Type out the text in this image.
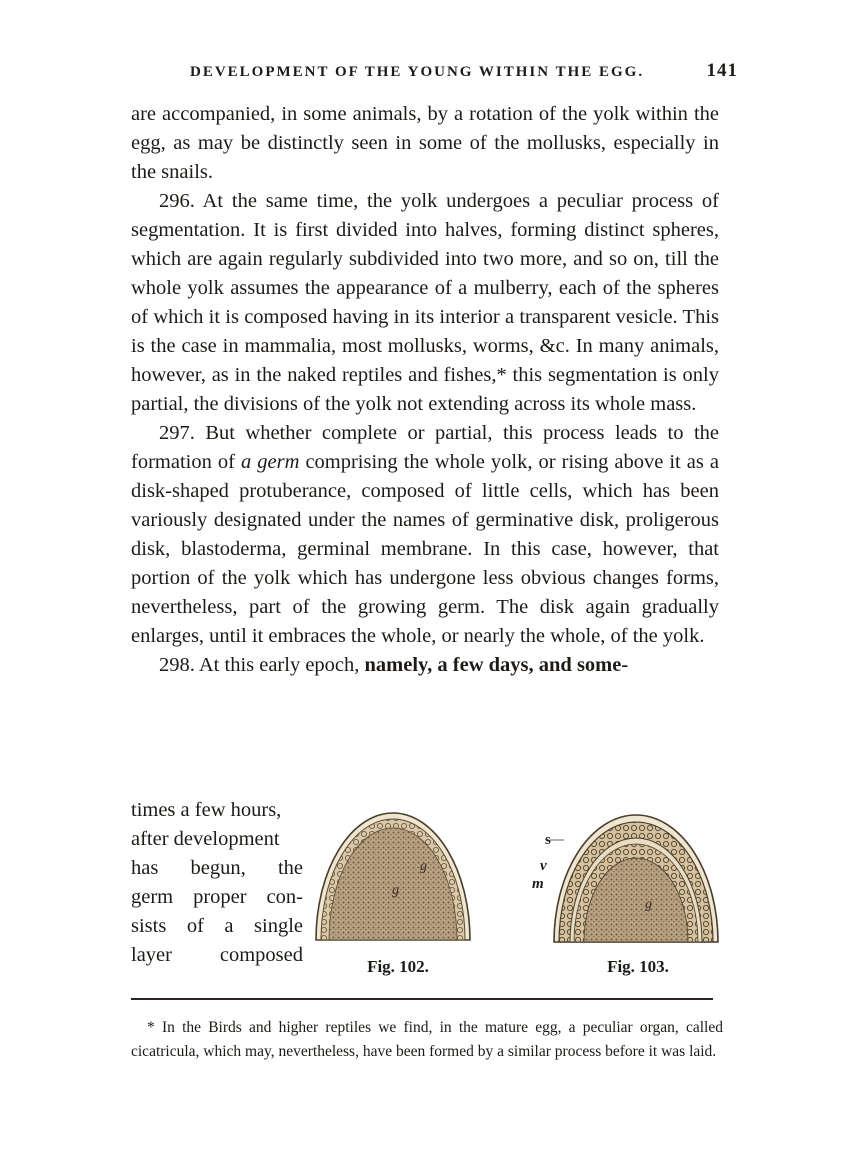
DEVELOPMENT OF THE YOUNG WITHIN THE EGG.	141

are accompanied, in some animals, by a rotation of the yolk within the egg, as may be distinctly seen in some of the mollusks, especially in the snails.

296. At the same time, the yolk undergoes a peculiar process of segmentation. It is first divided into halves, forming distinct spheres, which are again regularly subdivided into two more, and so on, till the whole yolk assumes the appearance of a mulberry, each of the spheres of which it is composed having in its interior a transparent vesicle. This is the case in mammalia, most mollusks, worms, &c. In many animals, however, as in the naked reptiles and fishes,* this segmentation is only partial, the divisions of the yolk not extending across its whole mass.

297. But whether complete or partial, this process leads to the formation of a germ comprising the whole yolk, or rising above it as a disk-shaped protuberance, composed of little cells, which has been variously designated under the names of germinative disk, proligerous disk, blastoderma, germinal membrane. In this case, however, that portion of the yolk which has undergone less obvious changes forms, nevertheless, part of the growing germ. The disk again gradually enlarges, until it embraces the whole, or nearly the whole, of the yolk.

298. At this early epoch, namely, a few days, and some-

times a few hours,
after development
has begun, the
germ proper con-
sists of a single
layer composed
g
g
Fig. 102.
s
v
m
g
Fig. 103.

* In the Birds and higher reptiles we find, in the mature egg, a peculiar organ, called cicatricula, which may, nevertheless, have been formed by a similar process before it was laid.
